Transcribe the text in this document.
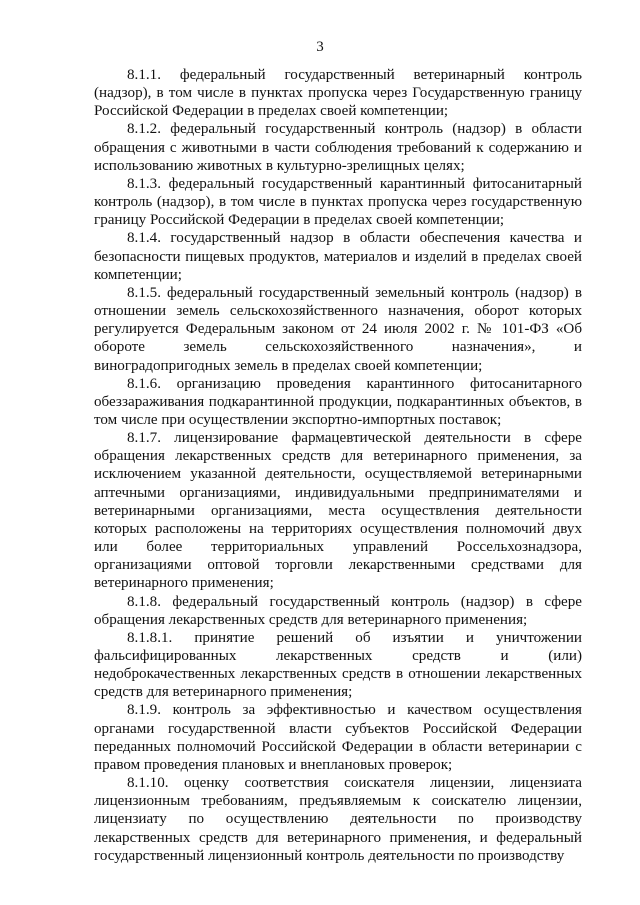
3

8.1.1. федеральный государственный ветеринарный контроль (надзор), в том числе в пунктах пропуска через Государственную границу Российской Федерации в пределах своей компетенции;

8.1.2. федеральный государственный контроль (надзор) в области обращения с животными в части соблюдения требований к содержанию и использованию животных в культурно-зрелищных целях;

8.1.3. федеральный государственный карантинный фитосанитарный контроль (надзор), в том числе в пунктах пропуска через государственную границу Российской Федерации в пределах своей компетенции;

8.1.4. государственный надзор в области обеспечения качества и безопасности пищевых продуктов, материалов и изделий в пределах своей компетенции;

8.1.5. федеральный государственный земельный контроль (надзор) в отношении земель сельскохозяйственного назначения, оборот которых регулируется Федеральным законом от 24 июля 2002 г. № 101-ФЗ «Об обороте земель сельскохозяйственного назначения», и виноградопригодных земель в пределах своей компетенции;

8.1.6. организацию проведения карантинного фитосанитарного обеззараживания подкарантинной продукции, подкарантинных объектов, в том числе при осуществлении экспортно-импортных поставок;

8.1.7. лицензирование фармацевтической деятельности в сфере обращения лекарственных средств для ветеринарного применения, за исключением указанной деятельности, осуществляемой ветеринарными аптечными организациями, индивидуальными предпринимателями и ветеринарными организациями, места осуществления деятельности которых расположены на территориях осуществления полномочий двух или более территориальных управлений Россельхознадзора, организациями оптовой торговли лекарственными средствами для ветеринарного применения;

8.1.8. федеральный государственный контроль (надзор) в сфере обращения лекарственных средств для ветеринарного применения;

8.1.8.1. принятие решений об изъятии и уничтожении фальсифицированных лекарственных средств и (или) недоброкачественных лекарственных средств в отношении лекарственных средств для ветеринарного применения;

8.1.9. контроль за эффективностью и качеством осуществления органами государственной власти субъектов Российской Федерации переданных полномочий Российской Федерации в области ветеринарии с правом проведения плановых и внеплановых проверок;

8.1.10. оценку соответствия соискателя лицензии, лицензиата лицензионным требованиям, предъявляемым к соискателю лицензии, лицензиату по осуществлению деятельности по производству лекарственных средств для ветеринарного применения, и федеральный государственный лицензионный контроль деятельности по производству
